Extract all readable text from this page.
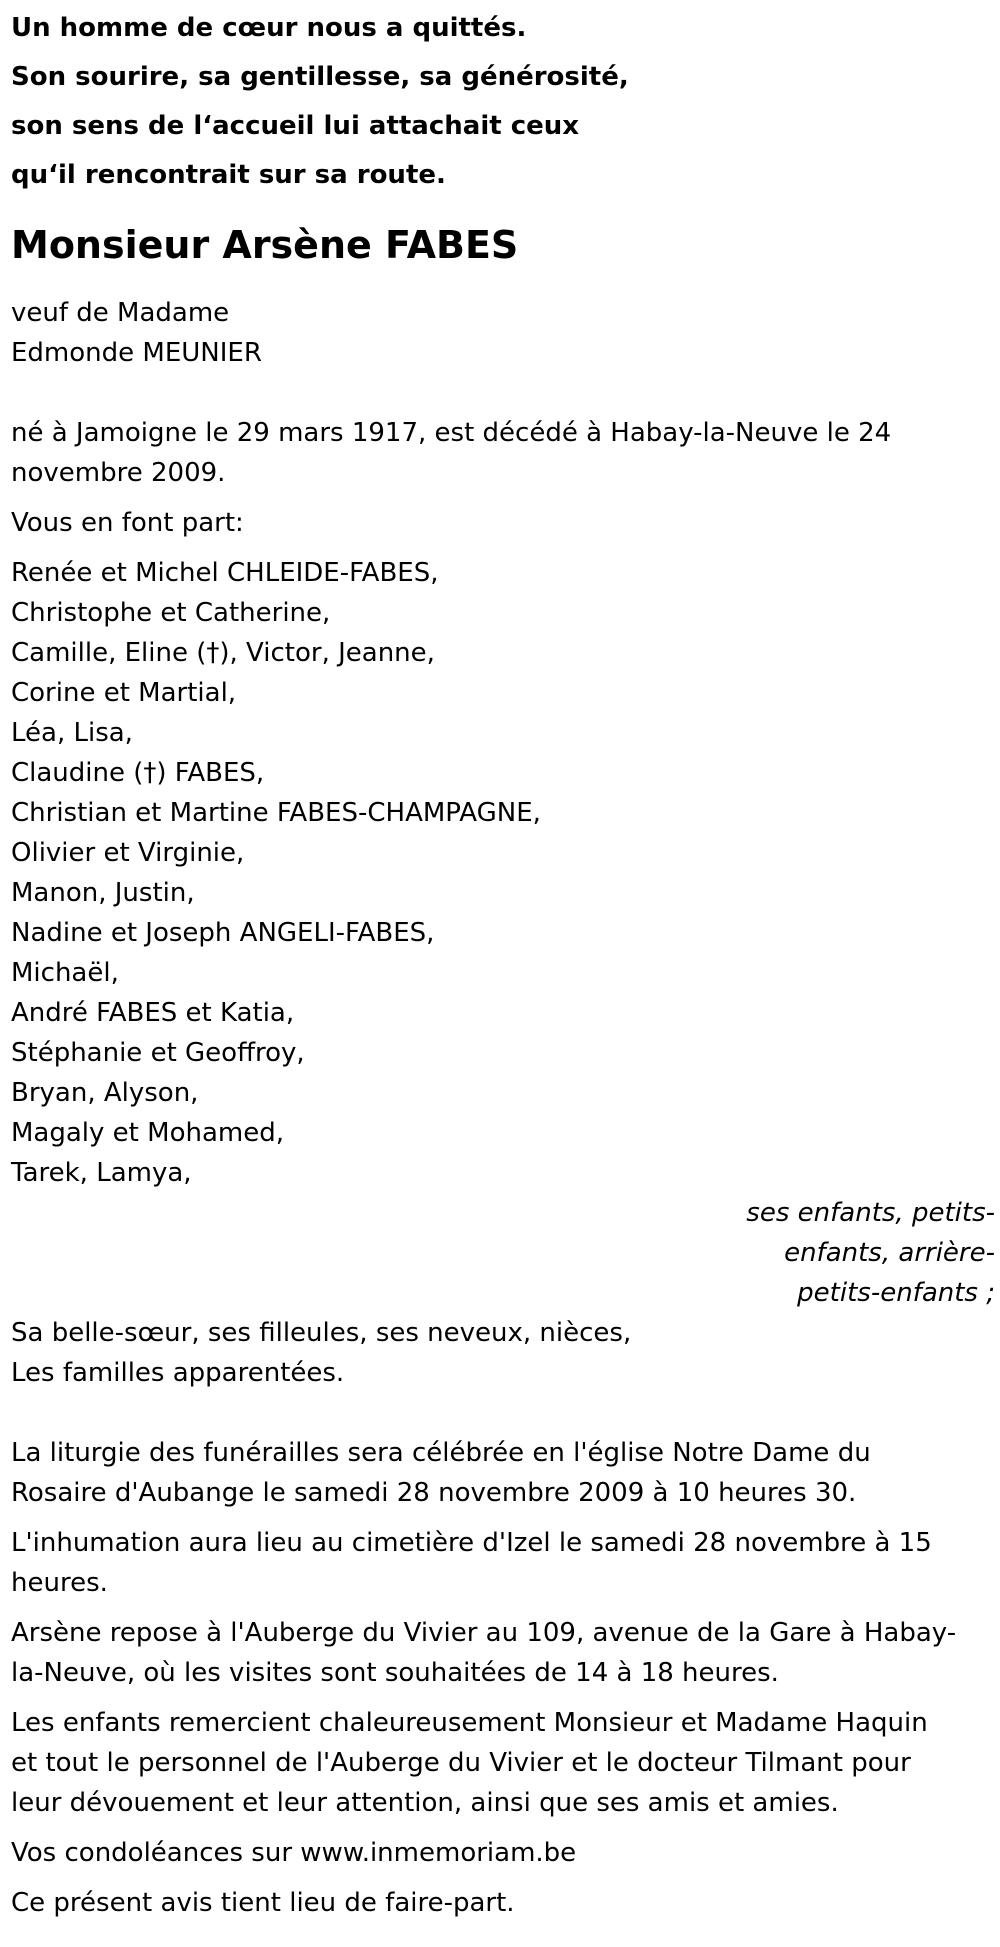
Un homme de cœur nous a quittés.
Son sourire, sa gentillesse, sa générosité,
son sens de l‘accueil lui attachait ceux
qu‘il rencontrait sur sa route.
Monsieur Arsène FABES
veuf de Madame
Edmonde MEUNIER
né à Jamoigne le 29 mars 1917, est décédé à Habay-la-Neuve le 24
novembre 2009.
Vous en font part:
Renée et Michel CHLEIDE-FABES,
Christophe et Catherine,
Camille, Eline (†), Victor, Jeanne,
Corine et Martial,
Léa, Lisa,
Claudine (†) FABES,
Christian et Martine FABES-CHAMPAGNE,
Olivier et Virginie,
Manon, Justin,
Nadine et Joseph ANGELI-FABES,
Michaël,
André FABES et Katia,
Stéphanie et Geoffroy,
Bryan, Alyson,
Magaly et Mohamed,
Tarek, Lamya,
ses enfants, petits-
enfants, arrière-
petits-enfants ;
Sa belle-sœur, ses filleules, ses neveux, nièces,
Les familles apparentées.
La liturgie des funérailles sera célébrée en l'église Notre Dame du
Rosaire d'Aubange le samedi 28 novembre 2009 à 10 heures 30.
L'inhumation aura lieu au cimetière d'Izel le samedi 28 novembre à 15
heures.
Arsène repose à l'Auberge du Vivier au 109, avenue de la Gare à Habay-
la-Neuve, où les visites sont souhaitées de 14 à 18 heures.
Les enfants remercient chaleureusement Monsieur et Madame Haquin
et tout le personnel de l'Auberge du Vivier et le docteur Tilmant pour
leur dévouement et leur attention, ainsi que ses amis et amies.
Vos condoléances sur www.inmemoriam.be
Ce présent avis tient lieu de faire-part.
